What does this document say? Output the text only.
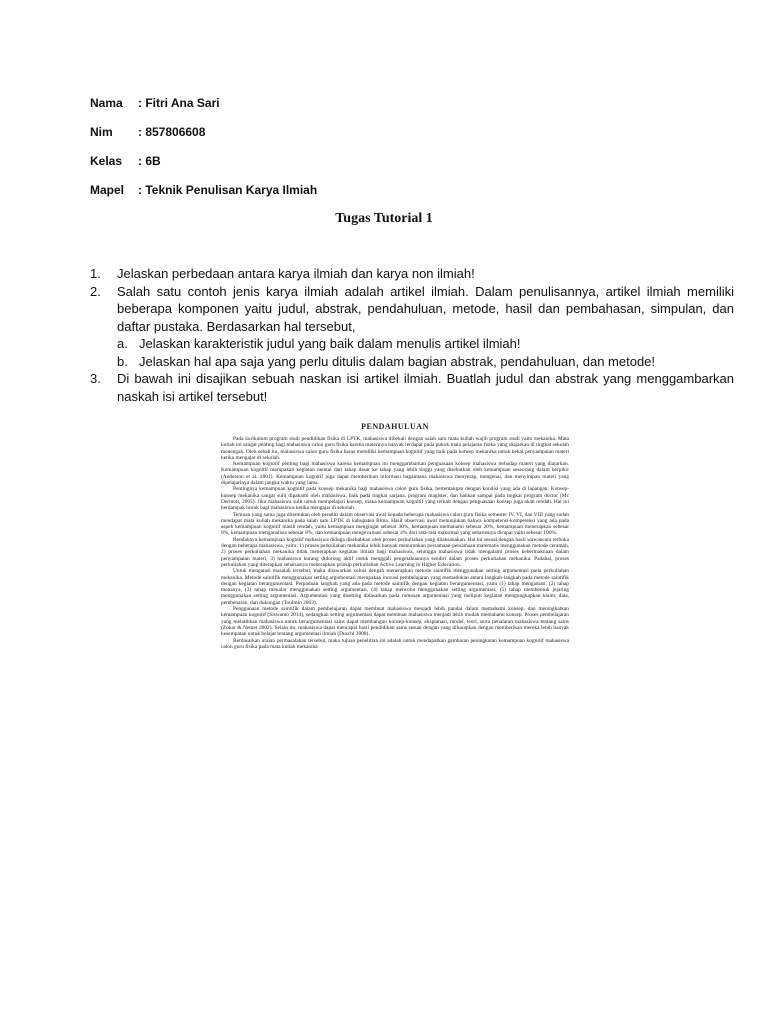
Nama : Fitri Ana Sari
Nim : 857806608
Kelas : 6B
Mapel : Teknik Penulisan Karya Ilmiah
Tugas Tutorial 1
1. Jelaskan perbedaan antara karya ilmiah dan karya non ilmiah!
2. Salah satu contoh jenis karya ilmiah adalah artikel ilmiah. Dalam penulisannya, artikel ilmiah memiliki beberapa komponen yaitu judul, abstrak, pendahuluan, metode, hasil dan pembahasan, simpulan, dan daftar pustaka. Berdasarkan hal tersebut,
a. Jelaskan karakteristik judul yang baik dalam menulis artikel ilmiah!
b. Jelaskan hal apa saja yang perlu ditulis dalam bagian abstrak, pendahuluan, dan metode!
3. Di bawah ini disajikan sebuah naskan isi artikel ilmiah. Buatlah judul dan abstrak yang menggambarkan naskah isi artikel tersebut!
PENDAHULUAN

Pada kurikulum program studi pendidikan fisika di LPTK, mahasiswa dibekali dengan salah satu mata kuliah wajib program studi yaitu mekanika. Mata kuliah ini sangat penting bagi mahasiswa calon guru fisika karena materinya banyak terdapat pada pokok mata pelajaran fisika yang diajarkan di tingkat sekolah menengah. Oleh sebab itu, mahasiswa calon guru fisika harus memiliki kemampuan kognitif yang baik pada konsep mekanika untuk bekal penyampaian materi ketika mengajar di sekolah.

Kemampuan kognitif penting bagi mahasiswa karena kemampuan ini menggambarkan penguasaan konsep mahasiswa terhadap materi yang diajarkan. Kemampuan kognitif merupakan kegiatan mental dari tahap dasar ke tahap yang lebih tinggi yang disebutkan oleh kemampuan seseorang dalam berpikir (Anderson et al. 2001). Kemampuan kognitif juga dapat memberikan informasi bagaimana mahasiswa menyerap, mengenai, dan menyimpan materi yang dipelajarinya dalam jangka waktu yang lama.

Pentingnya kemampuan kognitif pada konsep mekanika bagi mahasiswa calon guru fisika, bertentangan dengan kondisi yang ada di lapangan. Konsep-konsep mekanika sangat sulit dipahami oleh mahasiswa, baik pada tingkat sarjana, program magister, dan bahkan sampai pada tingkat program doctor (Mc Dermott, 2005). Jika mahasiswa sulit untuk mempelajari konsep, maka kemampuan kognitif yang terkait dengan penguasaan konsep juga akan rendah. Hal ini berdampak buruk bagi mahasiswa ketika mengajar di sekolah.

Temuan yang sama juga ditemukan oleh peneliti dalam observasi awal kepada beberapa mahasiswa calon guru fisika semester IV, VI, dan VIII yang sudah mendapat mata kuliah mekanika pada salah satu LPTK di kabupaten Bima. Hasil observasi awal menunjukan bahwa kompetensi-kompetensi yang ada pada aspek kemampuan kognitif masih rendah, yaitu kemampuan mengingat sebesar 30%, kemampuan memahami sebesar 20%, kemampuan menerapkan sebesar 9%, kemampuan menganalisis sebesar 8%, dan kemampuan mengevaluasi sebesar 4% dari rata-rata maksimal yang seharusnya dicapai yaitu sebesar 100%.

Rendahnya kemampuan kognitif mahasiswa diduga disebabkan oleh proses perkuliahan yang dilaksanakan. Hal ini sesuai dengan hasil wawancara terbuka dengan beberapa mahasiswa, yaitu: 1) proses perkuliahan mekanika lebih banyak menurunkan persamaan-persamaan matematis menggunakan metode ceramah, 2) proses perkuliahan mekanika tidak menerapkan kegiatan ilmiah bagi mahasiswa, sehingga mahasiswa tidak mengalami proses kebermaknaan dalam penyampaian materi, 3) mahasiswa kurang didorong aktif untuk menggali pengetahuannya sendiri dalam proses perkuliahan mekanika. Padahal, proses perkuliahan yang diterapkan seharusnya menerapkan prinsip perkuliahan Active Learning in Higher Education.

Untuk mengatasi masalah tersebut, maka ditawarkan solusi dengan menerapkan metode saintifik menggunakan setting argumentasi pada perkuliahan mekanika. Metode saintifik menggunakan setting argumentasi merupakan inovasi pembelajaran yang memadukan antara langkah-langkah pada metode saintifik dengan kegiatan berargumentasi. Perpaduan langkah yang ada pada metode saintifik dengan kegiatan berargumentasi, yaitu (1) tahap mengamati, (2) tahap menanya, (3) tahap menalar menggunakan setting argumentasi, (4) tahap mencoba menggunakan setting argumentasi, (5) tahap membentuk jejaring menggunakan setting argumentasi. Argumentasi yang disetting didasarkan pada rumusan argumentasi yang meliputi kegiatan mengungkapkan klaim, data, pembenaran, dan dukungan (Toulmin 2003).

Penggunaan metode saintifik dalam pembelajaran dapat membuat mahasiswa menjadi lebih pandai dalam memahami konsep, dan meningkatkan kemampuan kognitif (Siswanto 2014), sedangkan setting argumentasi dapat membuat mahasiswa menjadi lebih mudah memahami konsep. Proses pembelajaran yang melatihkan mahasiswa untuk berargumentasi sains dapat membangun konsep-konsep, eksplanasi, model, teori, serta penalaran mahasiswa tentang sains (Zohar & Nemet 2002). Selain itu, mahasiswa dapat mencapai hasil pendidikan sains sesuai dengan yang diharapkan dengan memberikan mereka lebih banyak kesempatan untuk belajar tentang argumentasi ilmiah (Duschl 2008).

Berdasarkan uraian permasalahan tersebut, maka tujuan penelitian ini adalah untuk mendapatkan gambaran peningkatan kemampuan kognitif mahasiswa calon guru fisika pada mata kuliah mekanika
